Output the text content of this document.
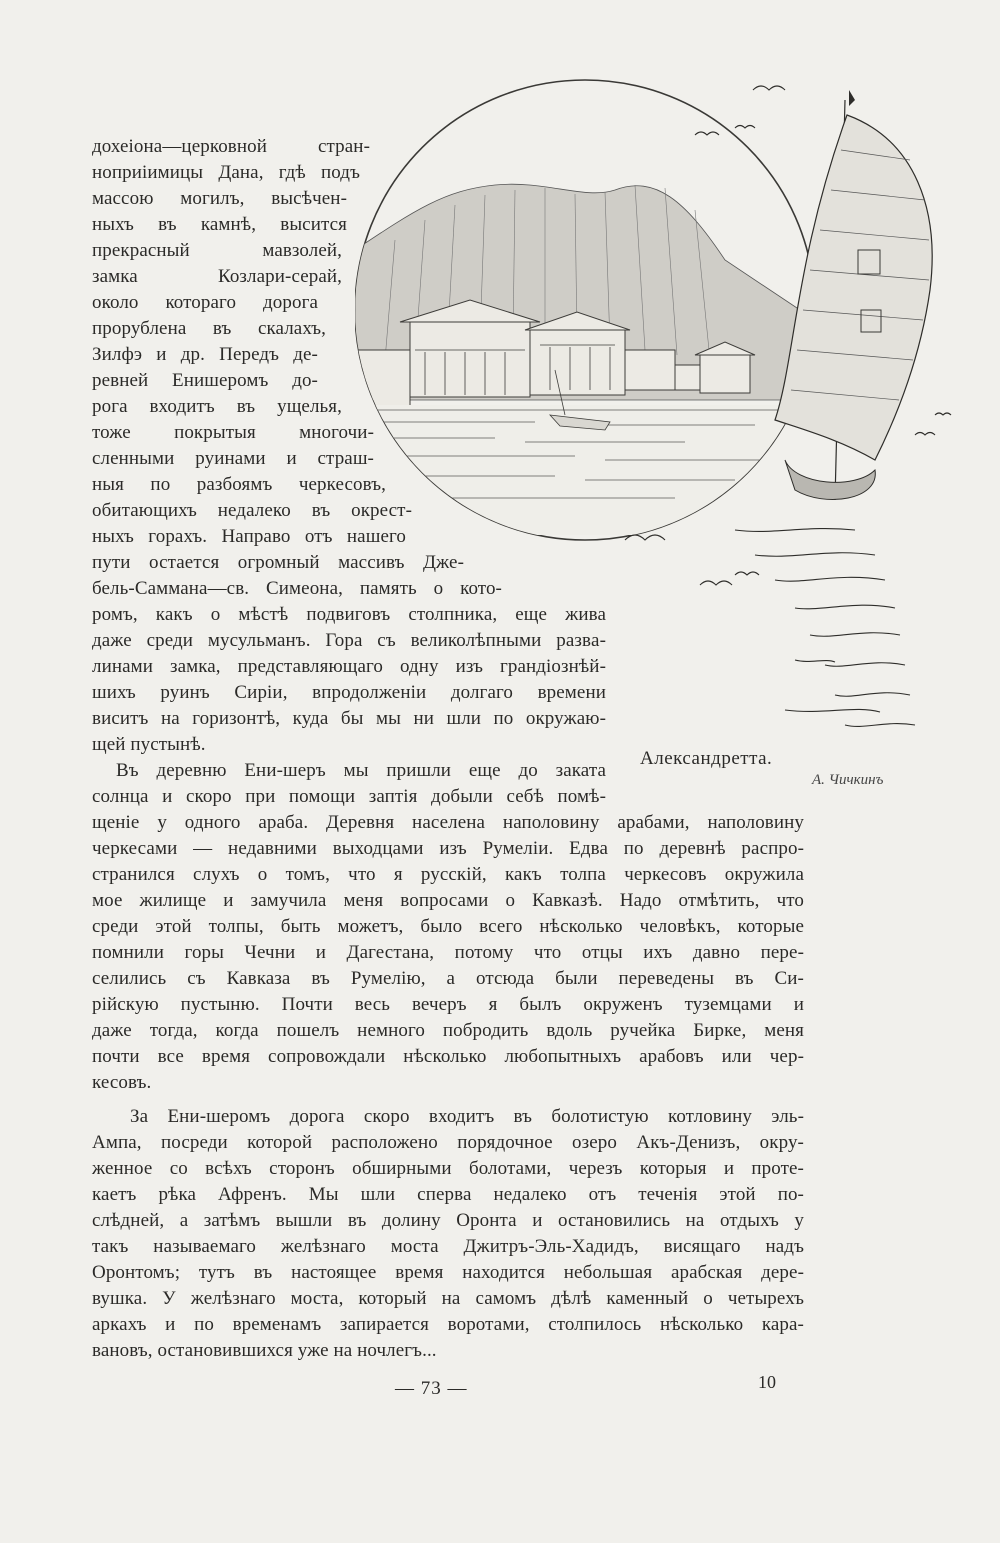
Александретта.
А. Чичкинъ
дохеіона—церковной стран-
ноприіимицы Дана, гдѣ подъ
массою могилъ, высѣчен-
ныхъ въ камнѣ, высится
прекрасный мавзолей,
замка Козлари-серай,
около котораго дорога
прорублена въ скалахъ,
Зилфэ и др. Передъ де-
ревней Енишеромъ до-
рога входитъ въ ущелья,
тоже покрытыя многочи-
сленными руинами и страш-
ныя по разбоямъ черкесовъ,
обитающихъ недалеко въ окрест-
ныхъ горахъ. Направо отъ нашего
пути остается огромный массивъ Дже-
бель-Саммана—св. Симеона, память о кото-
ромъ, какъ о мѣстѣ подвиговъ столпника, еще жива
даже среди мусульманъ. Гора съ великолѣпными развa-
линами замка, представляющаго одну изъ грандіознѣй-
шихъ руинъ Сиріи, впродолженіи долгаго времени
виситъ на горизонтѣ, куда бы мы ни шли по окружаю-
щей пустынѣ.
Въ деревню Ени-шеръ мы пришли еще до заката
солнца и скоро при помощи заптія добыли себѣ помѣ-
щеніе у одного араба. Деревня населена наполовину арабами, наполовину
черкесами — недавними выходцами изъ Румеліи. Едва по деревнѣ распро-
странился слухъ о томъ, что я русскій, какъ толпа черкесовъ окружила
мое жилище и замучила меня вопросами о Кавказѣ. Надо отмѣтить, что
среди этой толпы, быть можетъ, было всего нѣсколько человѣкъ, которые
помнили горы Чечни и Дагестана, потому что отцы ихъ давно пере-
селились съ Кавказа въ Румелію, а отсюда были переведены въ Си-
рійскую пустыню. Почти весь вечеръ я былъ окруженъ туземцами и
даже тогда, когда пошелъ немного побродить вдоль ручейка Бирке, меня
почти все время сопровождали нѣсколько любопытныхъ арабовъ или чер-
кесовъ.
За Ени-шеромъ дорога скоро входитъ въ болотистую котловину эль-
Ампа, посреди которой расположено порядочное озеро Акъ-Денизъ, окру-
женное со всѣхъ сторонъ обширными болотами, черезъ которыя и проте-
каетъ рѣка Афренъ. Мы шли сперва недалеко отъ теченія этой по-
слѣдней, а затѣмъ вышли въ долину Оронта и остановились на отдыхъ у
такъ называемаго желѣзнаго моста Джитръ-Эль-Хадидъ, висящаго надъ
Оронтомъ; тутъ въ настоящее время находится небольшая арабская дере-
вушка. У желѣзнаго моста, который на самомъ дѣлѣ каменный о четырехъ
аркахъ и по временамъ запирается воротами, столпилось нѣсколько кара-
вановъ, остановившихся уже на ночлегъ...
— 73 —	10
